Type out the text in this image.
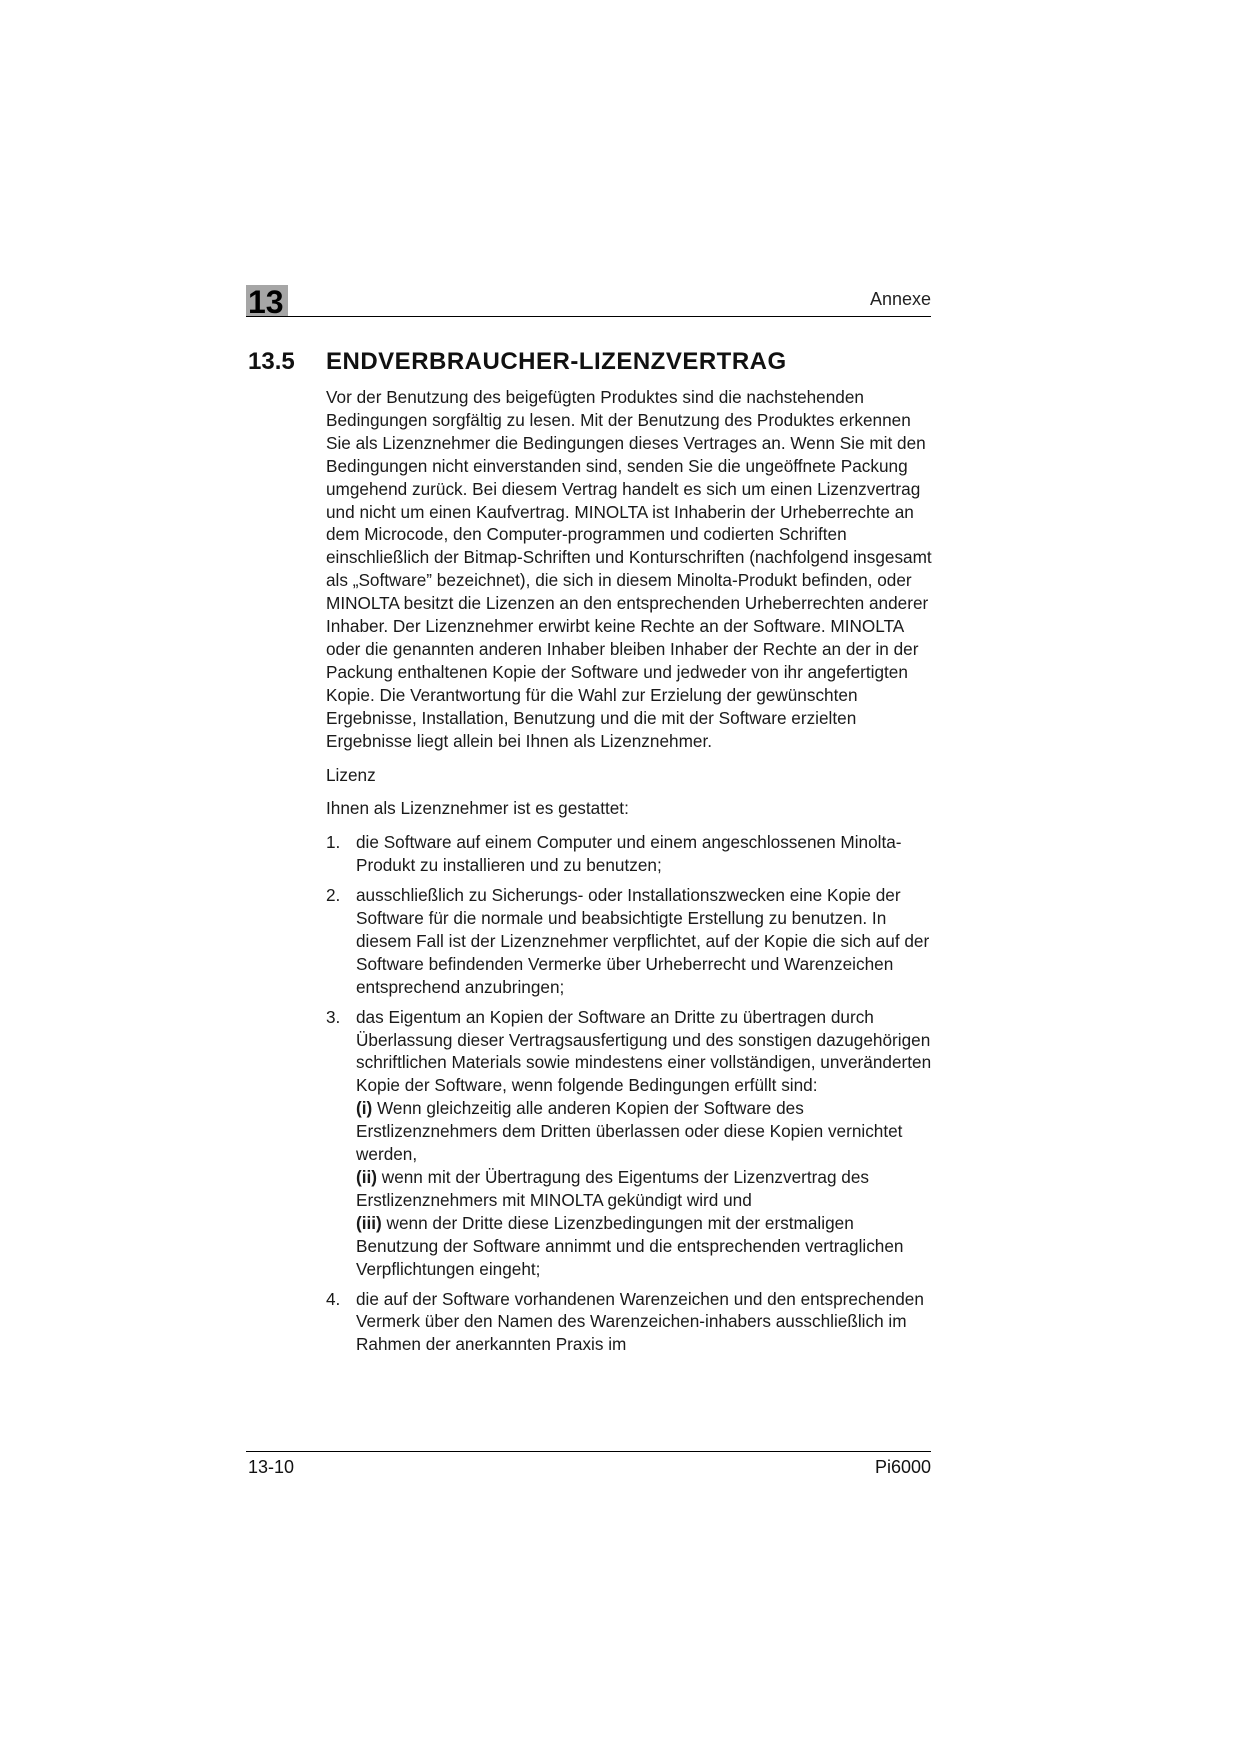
13	Annexe
13.5 ENDVERBRAUCHER-LIZENZVERTRAG

Vor der Benutzung des beigefügten Produktes sind die nachstehenden Bedingungen sorgfältig zu lesen. Mit der Benutzung des Produktes erkennen Sie als Lizenznehmer die Bedingungen dieses Vertrages an. Wenn Sie mit den Bedingungen nicht einverstanden sind, senden Sie die ungeöffnete Packung umgehend zurück. Bei diesem Vertrag handelt es sich um einen Lizenzvertrag und nicht um einen Kaufvertrag. MINOLTA ist Inhaberin der Urheberrechte an dem Microcode, den Computer-programmen und codierten Schriften einschließlich der Bitmap-Schriften und Konturschriften (nachfolgend insgesamt als „Software” bezeichnet), die sich in diesem Minolta-Produkt befinden, oder MINOLTA besitzt die Lizenzen an den entsprechenden Urheberrechten anderer Inhaber. Der Lizenznehmer erwirbt keine Rechte an der Software. MINOLTA oder die genannten anderen Inhaber bleiben Inhaber der Rechte an der in der Packung enthaltenen Kopie der Software und jedweder von ihr angefertigten Kopie. Die Verantwortung für die Wahl zur Erzielung der gewünschten Ergebnisse, Installation, Benutzung und die mit der Software erzielten Ergebnisse liegt allein bei Ihnen als Lizenznehmer.

Lizenz

Ihnen als Lizenznehmer ist es gestattet:

1. die Software auf einem Computer und einem angeschlossenen Minolta-Produkt zu installieren und zu benutzen;
2. ausschließlich zu Sicherungs- oder Installationszwecken eine Kopie der Software für die normale und beabsichtigte Erstellung zu benutzen. In diesem Fall ist der Lizenznehmer verpflichtet, auf der Kopie die sich auf der Software befindenden Vermerke über Urheberrecht und Warenzeichen entsprechend anzubringen;
3. das Eigentum an Kopien der Software an Dritte zu übertragen durch Überlassung dieser Vertragsausfertigung und des sonstigen dazugehörigen schriftlichen Materials sowie mindestens einer vollständigen, unveränderten Kopie der Software, wenn folgende Bedingungen erfüllt sind:
(i) Wenn gleichzeitig alle anderen Kopien der Software des Erstlizenznehmers dem Dritten überlassen oder diese Kopien vernichtet werden,
(ii) wenn mit der Übertragung des Eigentums der Lizenzvertrag des Erstlizenznehmers mit MINOLTA gekündigt wird und
(iii) wenn der Dritte diese Lizenzbedingungen mit der erstmaligen Benutzung der Software annimmt und die entsprechenden vertraglichen Verpflichtungen eingeht;
4. die auf der Software vorhandenen Warenzeichen und den entsprechenden Vermerk über den Namen des Warenzeichen-inhabers ausschließlich im Rahmen der anerkannten Praxis im
13-10	Pi6000
